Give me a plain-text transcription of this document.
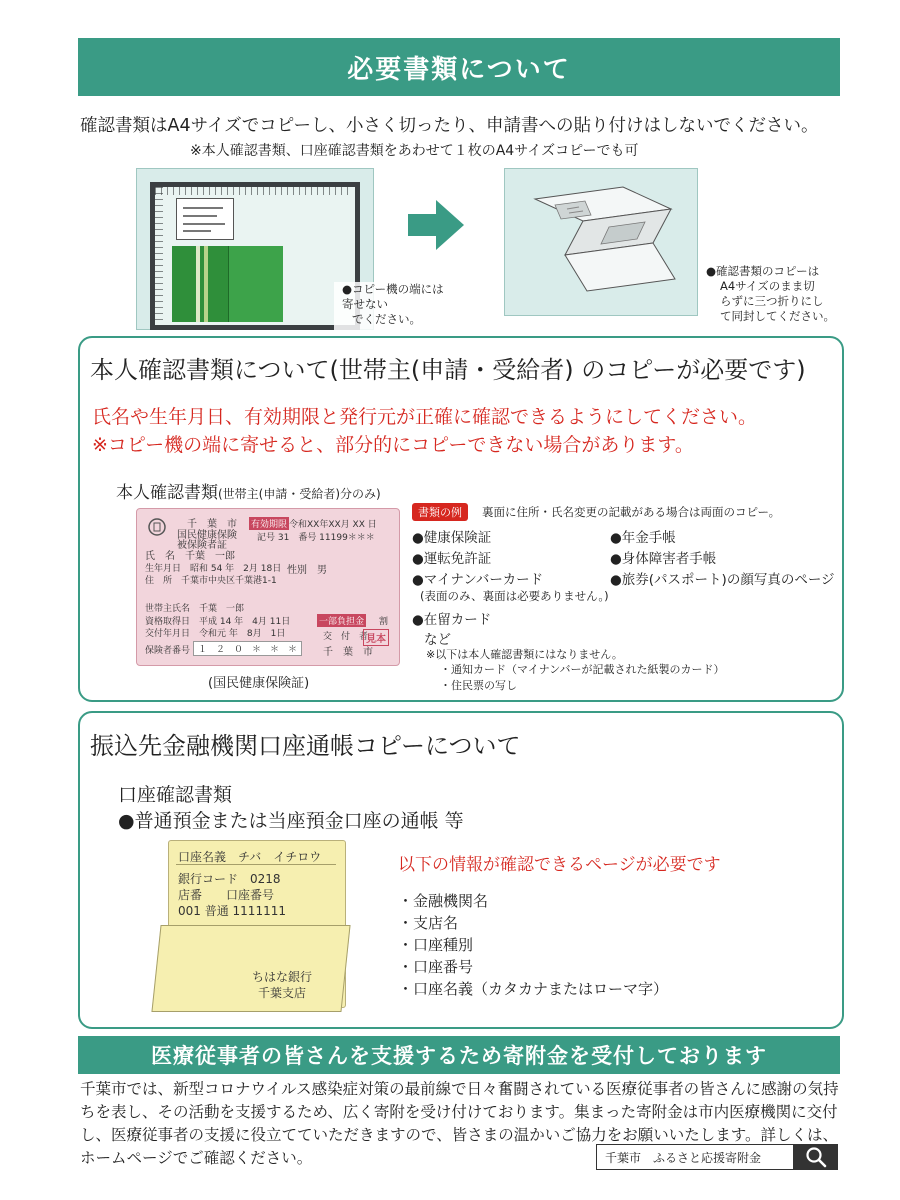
必要書類について
確認書類はA4サイズでコピーし、小さく切ったり、申請書への貼り付けはしないでください。
※本人確認書類、口座確認書類をあわせて１枚のA4サイズコピーでも可
●コピー機の端には寄せない
でください。
●確認書類のコピーは
A4サイズのまま切
らずに三つ折りにし
て同封してください。
本人確認書類について(世帯主(申請・受給者) のコピーが必要です)
氏名や生年月日、有効期限と発行元が正確に確認できるようにしてください。
※コピー機の端に寄せると、部分的にコピーできない場合があります。
本人確認書類(世帯主(申請・受給者)分のみ)
千　葉　市
国民健康保険
被保険者証
有効期限 令和XX年XX月 XX 日
記号 31　番号 11199＊＊＊
氏　名　千葉　一郎
生年月日　昭和 54 年　2月 18日 性別　男
住　所　千葉市中央区千葉港1-1
世帯主氏名　千葉　一郎
資格取得日　平成 14 年　4月 11日
交付年月日　令和元 年　8月　1日
一部負担金 割
交　付　者
見本
千　葉　市
保険者番号 １　２　０　＊　＊　＊
(国民健康保険証)
書類の例	裏面に住所・氏名変更の記載がある場合は両面のコピー。
●健康保険証
●運転免許証
●マイナンバーカード
●年金手帳
●身体障害者手帳
●旅券(パスポート)の顔写真のページ
(表面のみ、裏面は必要ありません。)
●在留カード
など
※以下は本人確認書類にはなりません。
・通知カード（マイナンバーが記載された紙製のカード）
・住民票の写し
振込先金融機関口座通帳コピーについて
口座確認書類
●普通預金または当座預金口座の通帳 等
口座名義　チバ　イチロウ
銀行コード　0218
店番　　口座番号
001 普通 1111111
ちはな銀行
千葉支店
以下の情報が確認できるページが必要です
・金融機関名
・支店名
・口座種別
・口座番号
・口座名義（カタカナまたはローマ字）
医療従事者の皆さんを支援するため寄附金を受付しております
千葉市では、新型コロナウイルス感染症対策の最前線で日々奮闘されている医療従事者の皆さんに感謝の気持ちを表し、その活動を支援するため、広く寄附を受け付けております。集まった寄附金は市内医療機関に交付し、医療従事者の支援に役立てていただきますので、皆さまの温かいご協力をお願いいたします。詳しくは、ホームページでご確認ください。	千葉市　ふるさと応援寄附金
